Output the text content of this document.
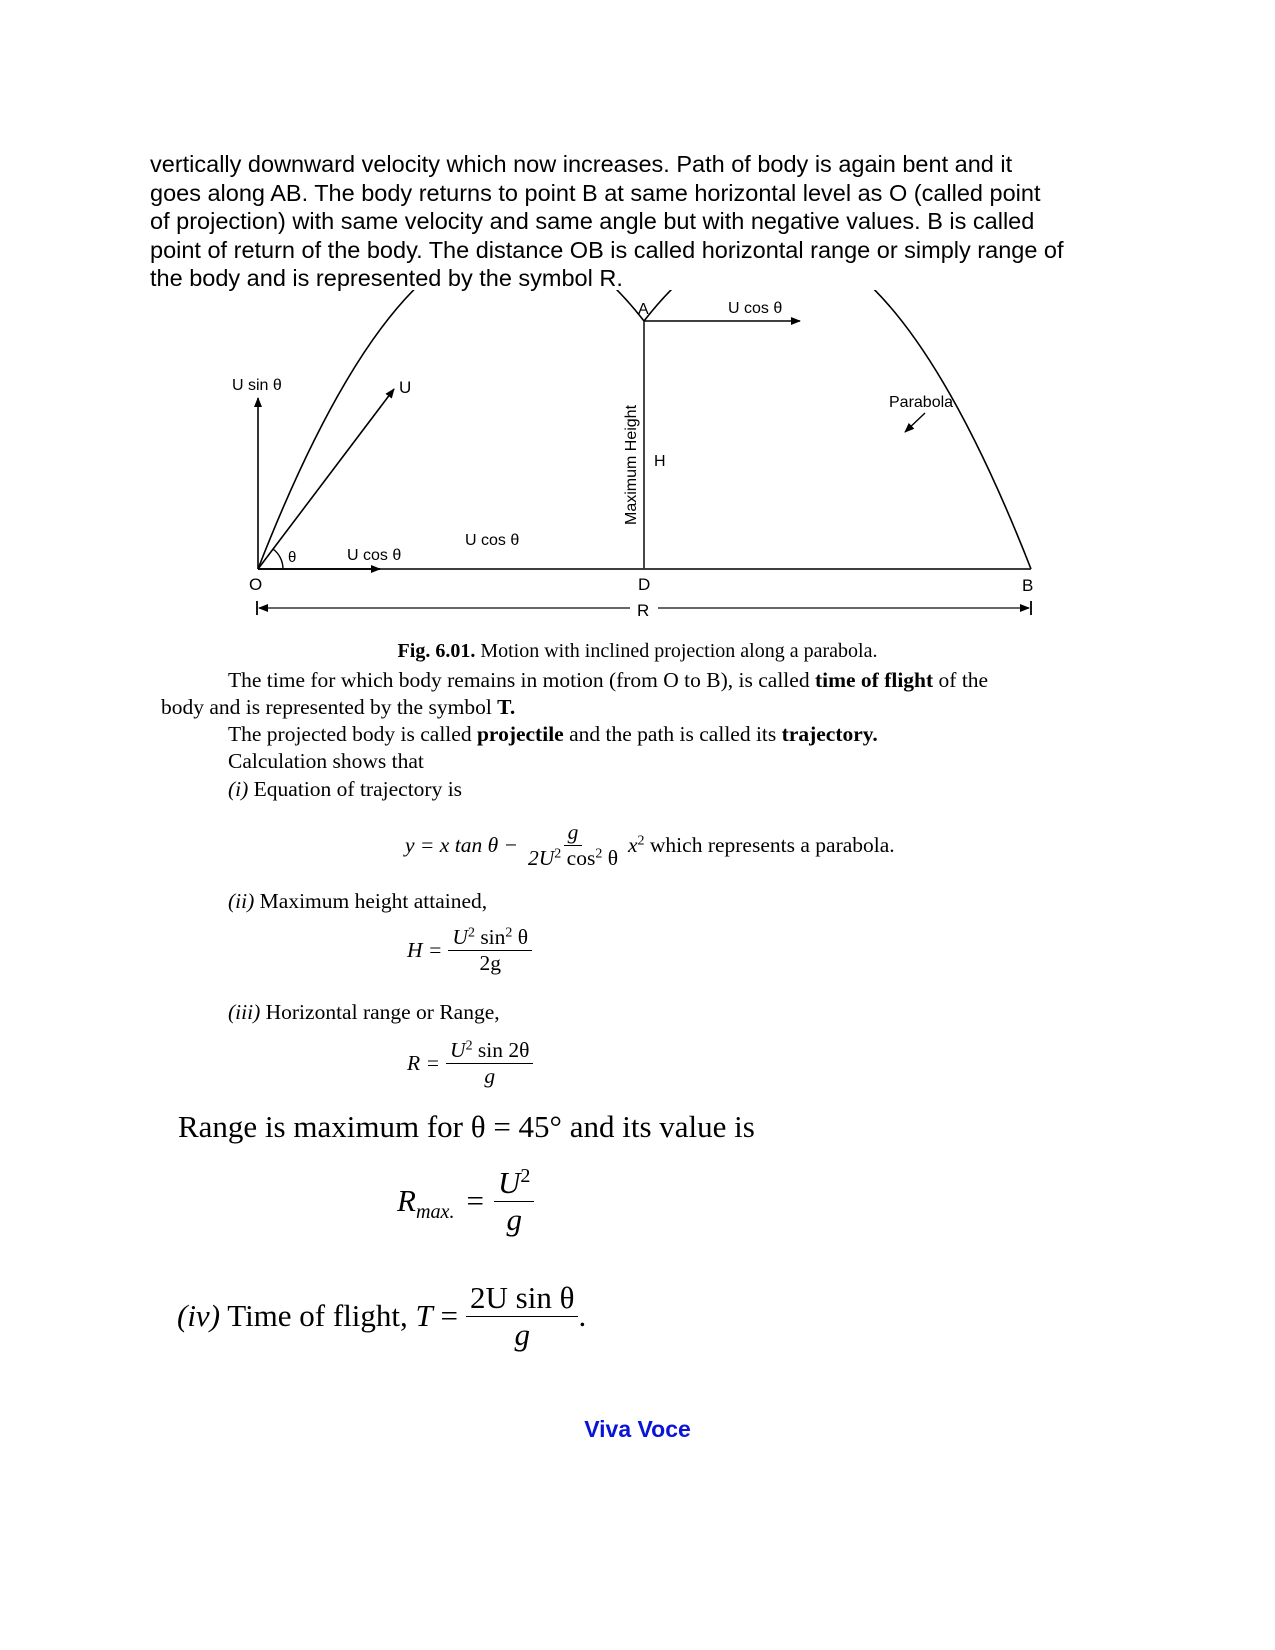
vertically downward velocity which now increases. Path of body is again bent and it

goes along AB. The body returns to point B at same horizontal level as O (called point

of projection) with same velocity and same angle but with negative values. B is called

point of return of the body. The distance OB is called horizontal range or simply range of

the body and is represented by the symbol R.

U sin θ	U
θ	U cos θ
U cos θ
A	U cos θ
Maximum Height H
Parabola
O	D	B
R
Fig. 6.01. Motion with inclined projection along a parabola.
The time for which body remains in motion (from O to B), is called time of flight of the
body and is represented by the symbol T.
The projected body is called projectile and the path is called its trajectory.
Calculation shows that
(i) Equation of trajectory is
y = x $\tan \theta - \frac{g}{2U^2 \cos^2 \theta} x^2$ which represents a parabola.
(ii) Maximum height attained,
$H = \frac{U^2 \sin^2 \theta}{2g}$
(iii) Horizontal range or Range,
$R = \frac{U^2 \sin 2\theta}{g}$
Range is maximum for θ = 45° and its value is
$R_{max.} = \frac{U^2}{g}$
(iv) Time of flight, $T = \frac{\text{2U sin θ}}{g}$ .
Viva Voce
